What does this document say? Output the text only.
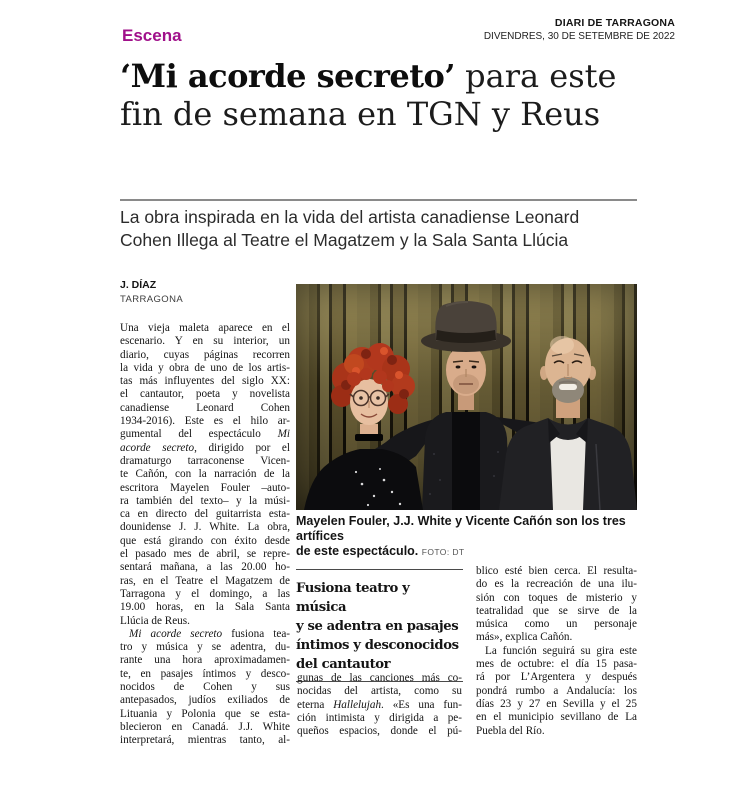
DIARI DE TARRAGONA
DIVENDRES, 30 DE SETEMBRE DE 2022
Escena
‘Mi acorde secreto’ para este
fin de semana en TGN y Reus
La obra inspirada en la vida del artista canadiense Leonard
Cohen Illega al Teatre el Magatzem y la Sala Santa Llúcia
J. DÍAZ
TARRAGONA
Mayelen Fouler, J.J. White y Vicente Cañón son los tres artífices
de este espectáculo. FOTO: DT
Una vieja maleta aparece en el
escenario. Y en su interior, un
diario, cuyas páginas recorren
la vida y obra de uno de los artis-
tas más influyentes del siglo XX:
el cantautor, poeta y novelista
canadiense Leonard Cohen
1934-2016). Este es el hilo ar-
gumental del espectáculo Mi
acorde secreto, dirigido por el
dramaturgo tarraconense Vicen-
te Cañón, con la narración de la
escritora Mayelen Fouler –auto-
ra también del texto– y la músi-
ca en directo del guitarrista esta-
dounidense J. J. White. La obra,
que está girando con éxito desde
el pasado mes de abril, se repre-
sentará mañana, a las 20.00 ho-
ras, en el Teatre el Magatzem de
Tarragona y el domingo, a las
19.00 horas, en la Sala Santa
Llúcia de Reus.
Mi acorde secreto fusiona tea-
tro y música y se adentra, du-
rante una hora aproximadamen-
te, en pasajes íntimos y desco-
nocidos de Cohen y sus
antepasados, judíos exiliados de
Lituania y Polonia que se esta-
blecieron en Canadá. J.J. White
interpretará, mientras tanto, al-
Fusiona teatro y música
y se adentra en pasajes
íntimos y desconocidos
del cantautor
gunas de las canciones más co-
nocidas del artista, como su
eterna Hallelujah. «Es una fun-
ción intimista y dirigida a pe-
queños espacios, donde el pú-
blico esté bien cerca. El resulta-
do es la recreación de una ilu-
sión con toques de misterio y
teatralidad que se sirve de la
música como un personaje
más», explica Cañón.
La función seguirá su gira este
mes de octubre: el día 15 pasa-
rá por L’Argentera y después
pondrá rumbo a Andalucía: los
días 23 y 27 en Sevilla y el 25
en el municipio sevillano de La
Puebla del Río.
